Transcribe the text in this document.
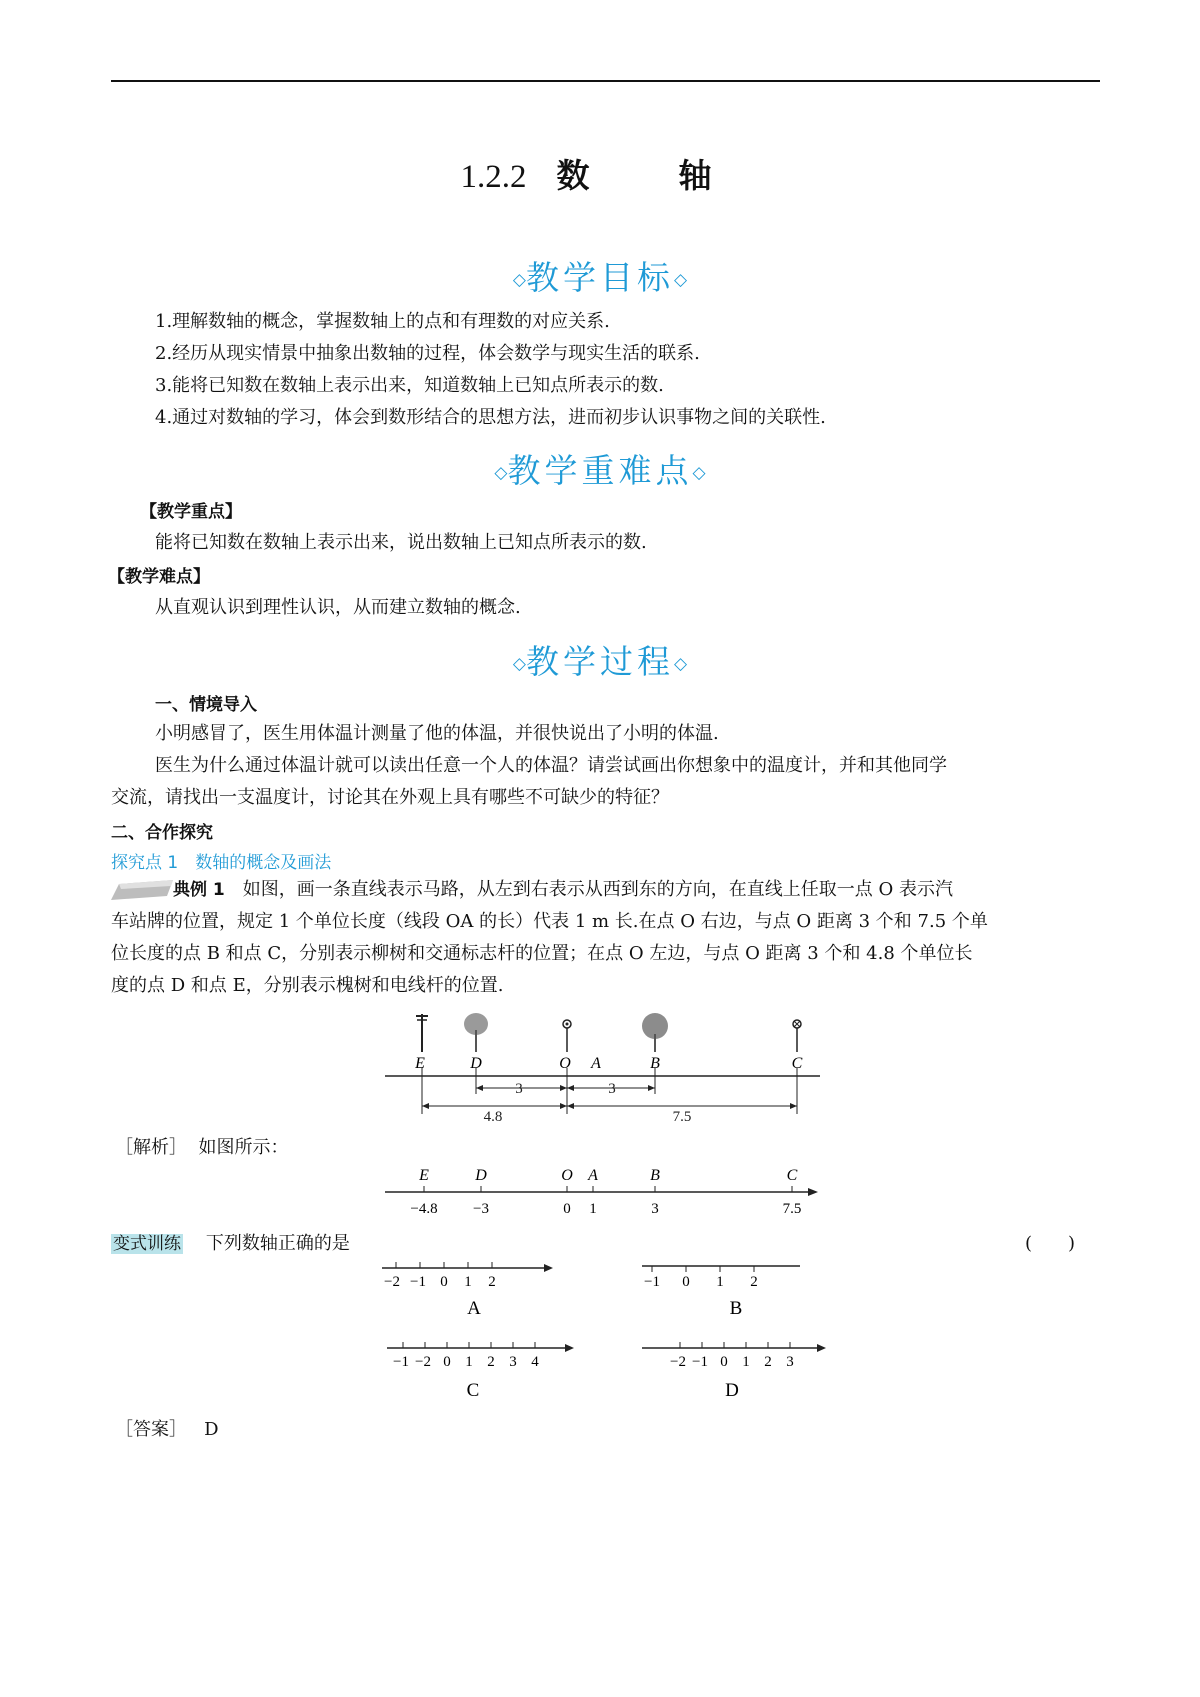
1.2.2 数　轴
◇教学目标◇
1.理解数轴的概念，掌握数轴上的点和有理数的对应关系.
2.经历从现实情景中抽象出数轴的过程，体会数学与现实生活的联系.
3.能将已知数在数轴上表示出来，知道数轴上已知点所表示的数.
4.通过对数轴的学习，体会到数形结合的思想方法，进而初步认识事物之间的关联性.
◇教学重难点◇
【教学重点】
能将已知数在数轴上表示出来，说出数轴上已知点所表示的数.
【教学难点】
从直观认识到理性认识，从而建立数轴的概念.
◇教学过程◇
一、情境导入
小明感冒了，医生用体温计测量了他的体温，并很快说出了小明的体温.
医生为什么通过体温计就可以读出任意一个人的体温？请尝试画出你想象中的温度计，并和其他同学
交流，请找出一支温度计，讨论其在外观上具有哪些不可缺少的特征？
二、合作探究
探究点 1　数轴的概念及画法
典例 1　如图，画一条直线表示马路，从左到右表示从西到东的方向，在直线上任取一点 O 表示汽
车站牌的位置，规定 1 个单位长度（线段 OA 的长）代表 1 m 长.在点 O 右边，与点 O 距离 3 个和 7.5 个单
位长度的点 B 和点 C，分别表示柳树和交通标志杆的位置；在点 O 左边，与点 O 距离 3 个和 4.8 个单位长
度的点 D 和点 E，分别表示槐树和电线杆的位置.
E	D	O A	B	C
3	3
4.8	7.5
［解析］ 如图所示：
E	D	O A	B	C
−4.8 −3	0 1	3	7.5
变式训练 下列数轴正确的是	(　　)
−2 −1 0 1 2
A
−1 0 1 2
B
−1 −2 0 1 2 3 4
C
−2 −1 0 1 2 3
D
［答案］ D
